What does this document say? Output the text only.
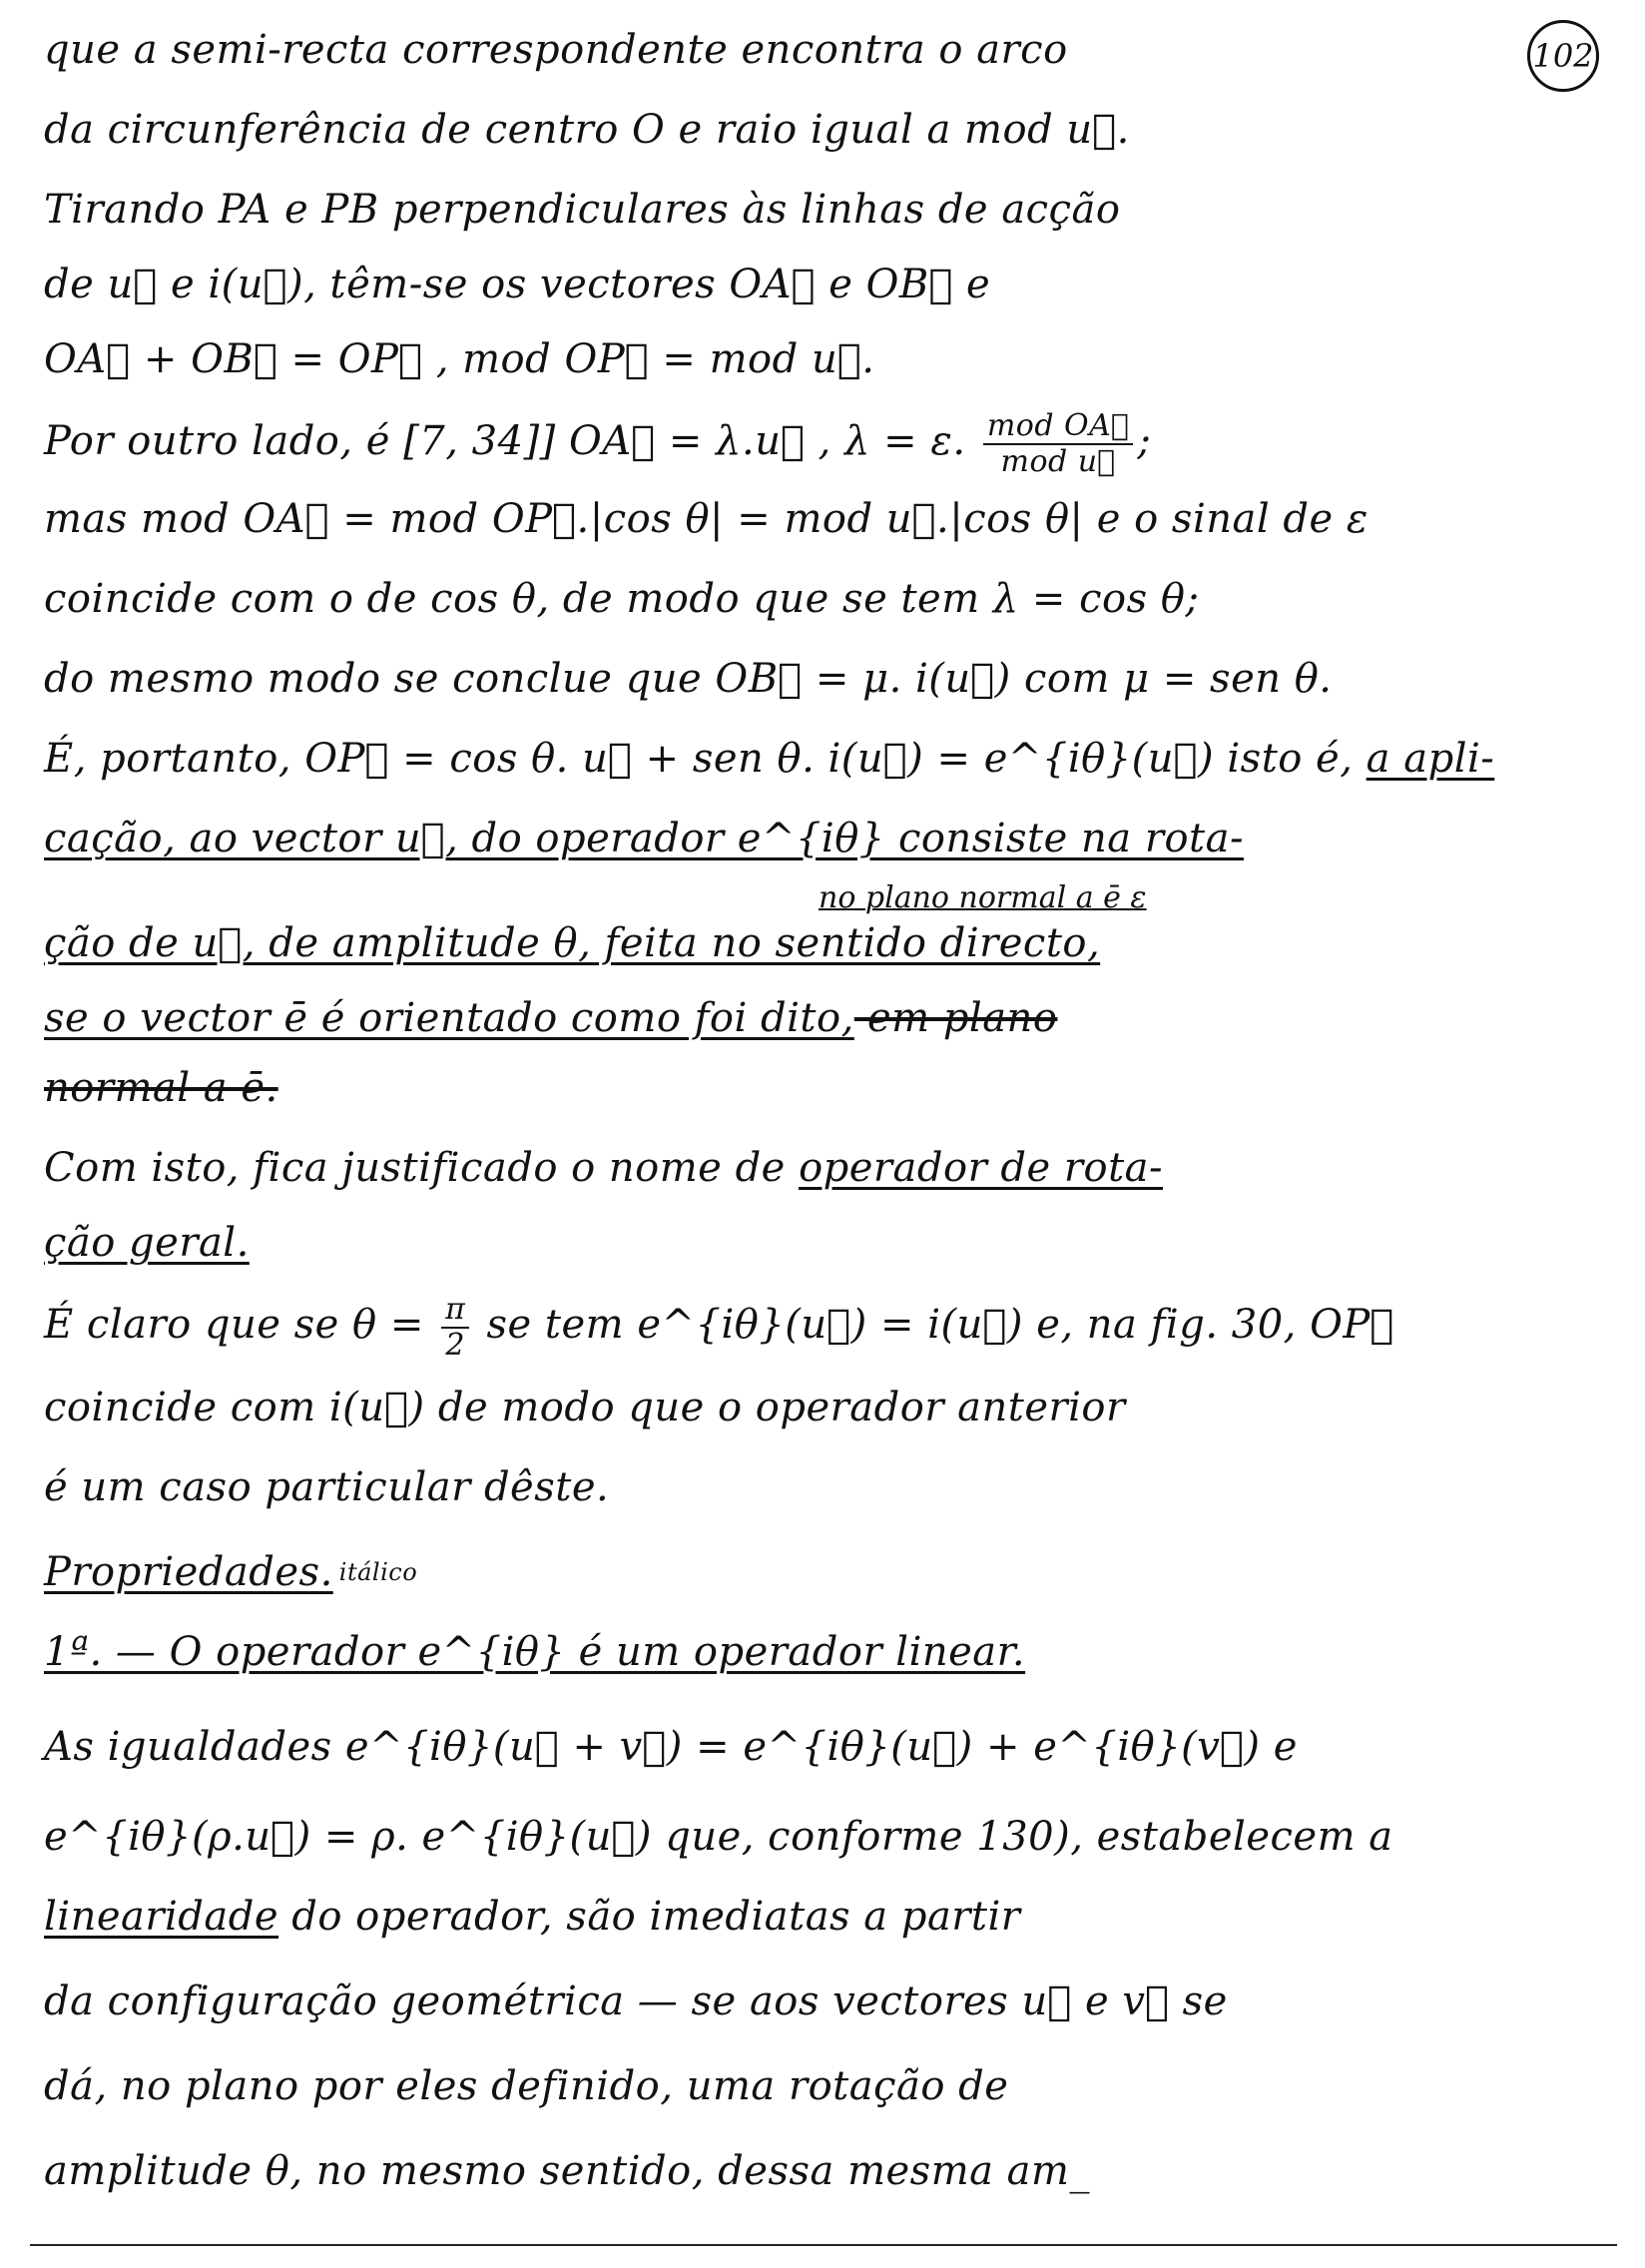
102
que a semi-recta correspondente encontra o arco
da circunferência de centro O e raio igual a mod u⃗.
Tirando PA e PB perpendiculares às linhas de acção
de u⃗ e i(u⃗), têm-se os vectores OA⃗ e OB⃗ e
OA⃗ + OB⃗ = OP⃗ , mod OP⃗ = mod u⃗.
Por outro lado, é [7, 34]] OA⃗ = λ.u⃗ , λ = ε. $\frac{\text{mod OA⃗}}{\text{mod u⃗}}$ ;
mas mod OA⃗ = mod OP⃗.|cos θ| = mod u⃗.|cos θ| e o sinal de ε
coincide com o de cos θ, de modo que se tem λ = cos θ;
do mesmo modo se conclue que OB⃗ = μ. i(u⃗) com μ = sen θ.
É, portanto, OP⃗ = cos θ. u⃗ + sen θ. i(u⃗) = e^{iθ}(u⃗) isto é, a apli-
cação, ao vector u⃗, do operador e^{iθ} consiste na rota-
no plano normal a ē ε
ção de u⃗, de amplitude θ, feita no sentido directo,
se o vector ē é orientado como foi dito, em plano
normal a ē.
Com isto, fica justificado o nome de operador de rota-
ção geral.
É claro que se $\theta = \frac{\pi}{2}$ se tem e^{iθ}(u⃗) = i(u⃗) e, na fig. 30, OP⃗
coincide com i(u⃗) de modo que o operador anterior
é um caso particular dêste.
Propriedades. $^{itálico}$
1ª. — O operador e^{iθ} é um operador linear.
As igualdades e^{iθ}(u⃗ + v⃗) = e^{iθ}(u⃗) + e^{iθ}(v⃗) e
e^{iθ}(ρ.u⃗) = ρ. e^{iθ}(u⃗) que, conforme 130), estabelecem a
linearidade do operador, são imediatas a partir
da configuração geométrica — se aos vectores u⃗ e v⃗ se
dá, no plano por eles definido, uma rotação de
amplitude θ, no mesmo sentido, dessa mesma am_
